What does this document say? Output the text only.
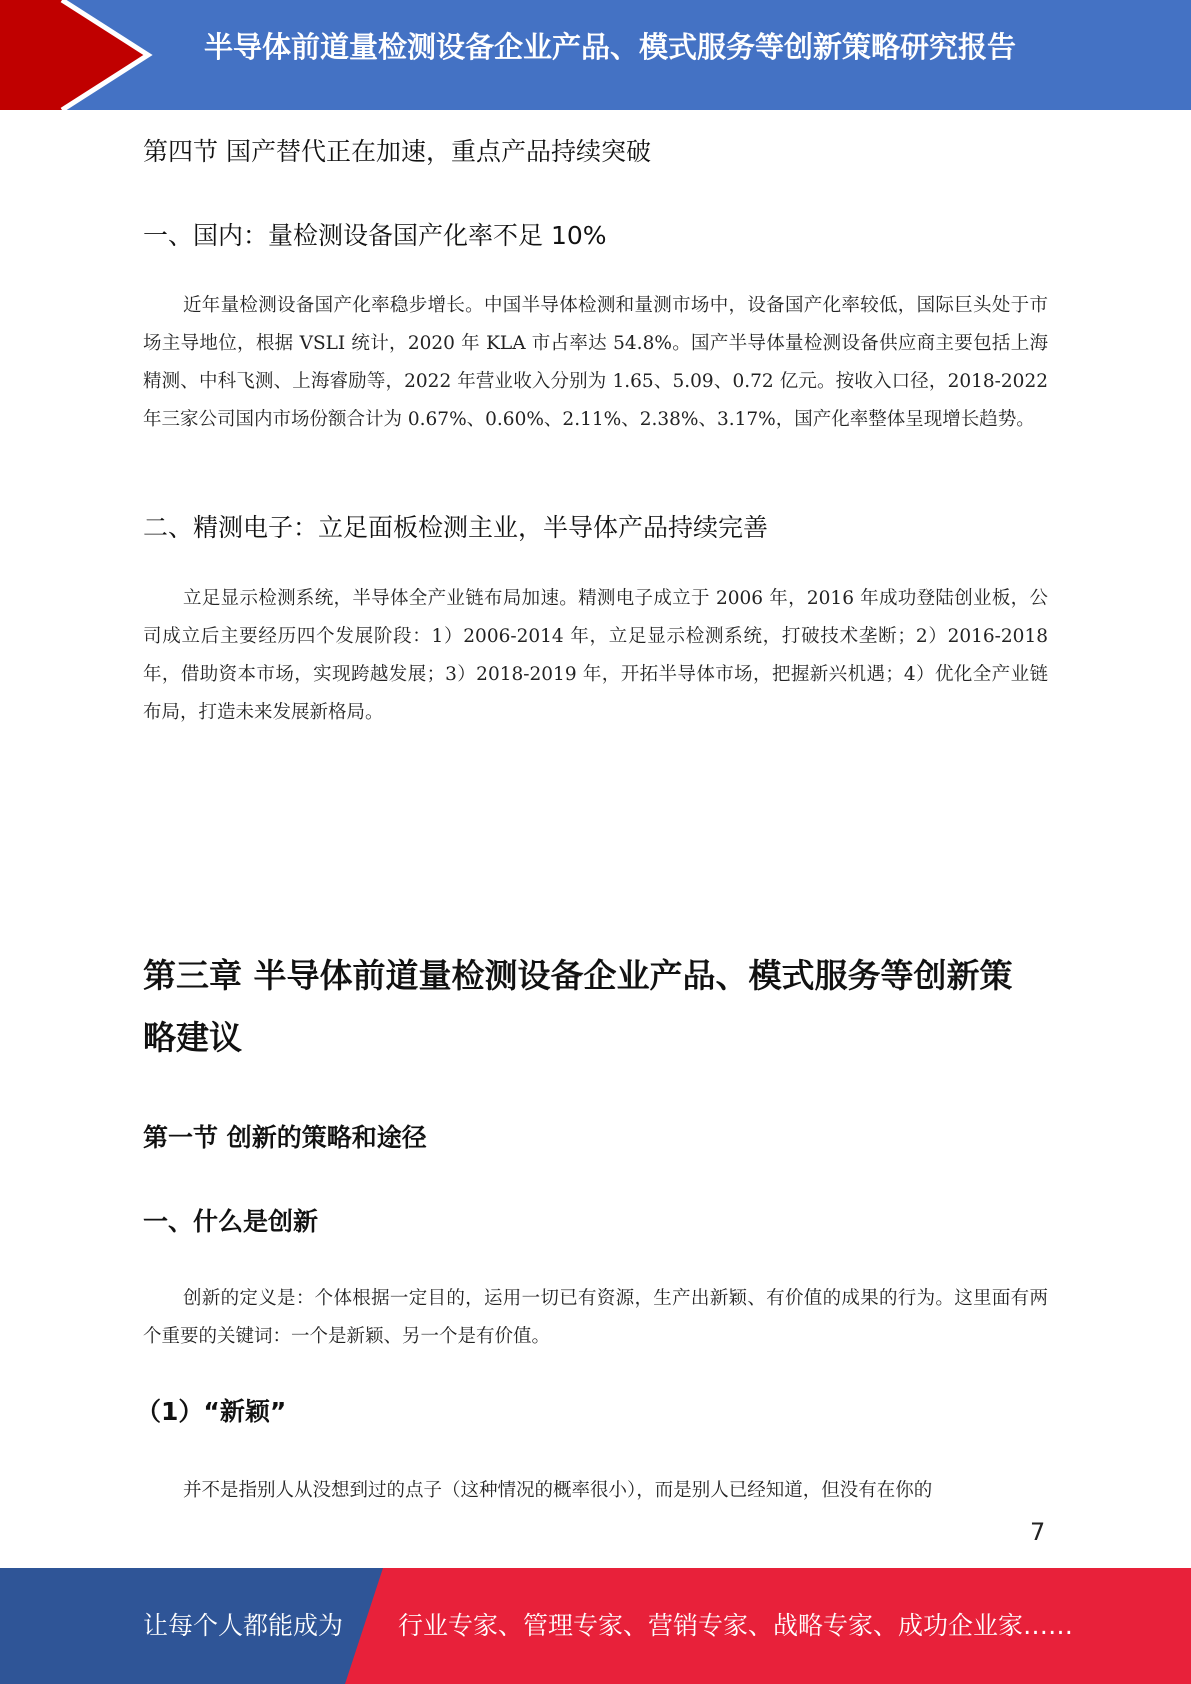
半导体前道量检测设备企业产品、模式服务等创新策略研究报告
第四节 国产替代正在加速，重点产品持续突破
一、国内：量检测设备国产化率不足 10%

近年量检测设备国产化率稳步增长。中国半导体检测和量测市场中，设备国产化率较低，国际巨头处于市场主导地位，根据 VSLI 统计，2020 年 KLA 市占率达 54.8%。国产半导体量检测设备供应商主要包括上海精测、中科飞测、上海睿励等，2022 年营业收入分别为 1.65、5.09、0.72 亿元。按收入口径，2018-2022 年三家公司国内市场份额合计为 0.67%、0.60%、2.11%、2.38%、3.17%，国产化率整体呈现增长趋势。

二、精测电子：立足面板检测主业，半导体产品持续完善

立足显示检测系统，半导体全产业链布局加速。精测电子成立于 2006 年，2016 年成功登陆创业板，公司成立后主要经历四个发展阶段：1）2006-2014 年，立足显示检测系统，打破技术垄断；2）2016-2018 年，借助资本市场，实现跨越发展；3）2018-2019 年，开拓半导体市场，把握新兴机遇；4）优化全产业链布局，打造未来发展新格局。

第三章 半导体前道量检测设备企业产品、模式服务等创新策略建议
第一节 创新的策略和途径
一、什么是创新

创新的定义是：个体根据一定目的，运用一切已有资源，生产出新颖、有价值的成果的行为。这里面有两个重要的关键词：一个是新颖、另一个是有价值。

（1）“新颖”

并不是指别人从没想到过的点子（这种情况的概率很小），而是别人已经知道，但没有在你的

7
让每个人都能成为 行业专家、管理专家、营销专家、战略专家、成功企业家……
